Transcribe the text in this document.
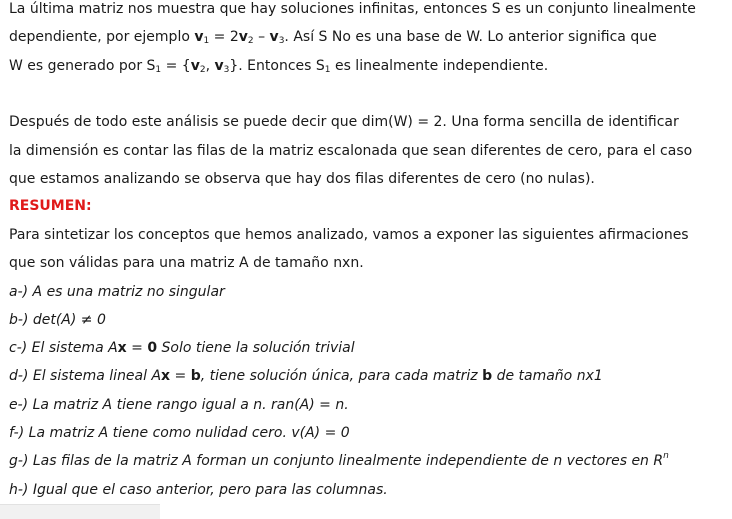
La última matriz nos muestra que hay soluciones infinitas, entonces S es un conjunto linealmente
dependiente, por ejemplo $v_1 = 2v_2 - v_3$. Así S No es una base de W. Lo anterior significa que
W es generado por $S_1 = \{v_2$, $v_3$}. Entonces $S_1$ es linealmente independiente.
Después de todo este análisis se puede decir que dim(W) = 2. Una forma sencilla de identificar
la dimensión es contar las filas de la matriz escalonada que sean diferentes de cero, para el caso
que estamos analizando se observa que hay dos filas diferentes de cero (no nulas).
RESUMEN:
Para sintetizar los conceptos que hemos analizado, vamos a exponer las siguientes afirmaciones
que son válidas para una matriz A de tamaño nxn.
a-) A es una matriz no singular
b-) det(A) ≠ 0
c-) El sistema Ax = 0 Solo tiene la solución trivial
d-) El sistema lineal Ax = b, tiene solución única, para cada matriz b de tamaño nx1
e-) La matriz A tiene rango igual a n. ran(A) = n.
f-) La matriz A tiene como nulidad cero. v(A) = 0
g-) Las filas de la matriz A forman un conjunto linealmente independiente de n vectores en $R^n$
h-) Igual que el caso anterior, pero para las columnas.
